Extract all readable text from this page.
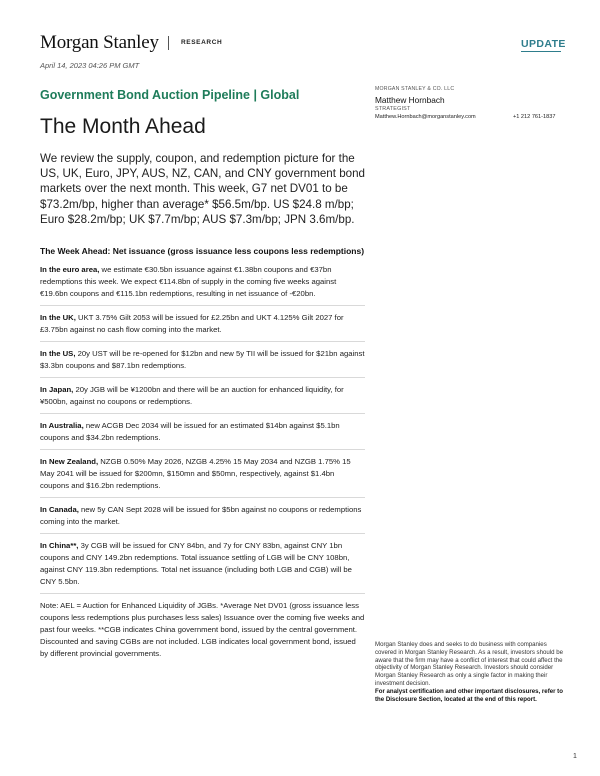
Morgan Stanley	RESEARCH	UPDATE
April 14, 2023 04:26 PM GMT
Government Bond Auction Pipeline | Global
The Month Ahead
We review the supply, coupon, and redemption picture for the US, UK, Euro, JPY, AUS, NZ, CAN, and CNY government bond markets over the next month. This week, G7 net DV01 to be $73.2m/bp, higher than average* $56.5m/bp. US $24.8 m/bp; Euro $28.2m/bp; UK $7.7m/bp; AUS $7.3m/bp; JPN 3.6m/bp.
The Week Ahead: Net issuance (gross issuance less coupons less redemptions)

In the euro area, we estimate €30.5bn issuance against €1.38bn coupons and €37bn redemptions this week. We expect €114.8bn of supply in the coming five weeks against €19.6bn coupons and €115.1bn redemptions, resulting in net issuance of -€20bn.

In the UK, UKT 3.75% Gilt 2053 will be issued for £2.25bn and UKT 4.125% Gilt 2027 for £3.75bn against no cash flow coming into the market.

In the US, 20y UST will be re-opened for $12bn and new 5y TII will be issued for $21bn against $3.3bn coupons and $87.1bn redemptions.

In Japan, 20y JGB will be ¥1200bn and there will be an auction for enhanced liquidity, for ¥500bn, against no coupons or redemptions.

In Australia, new ACGB Dec 2034 will be issued for an estimated $14bn against $5.1bn coupons and $34.2bn redemptions.

In New Zealand, NZGB 0.50% May 2026, NZGB 4.25% 15 May 2034 and NZGB 1.75% 15 May 2041 will be issued for $200mn, $150mn and $50mn, respectively, against $1.4bn coupons and $16.2bn redemptions.

In Canada, new 5y CAN Sept 2028 will be issued for $5bn against no coupons or redemptions coming into the market.

In China**, 3y CGB will be issued for CNY 84bn, and 7y for CNY 83bn, against CNY 1bn coupons and CNY 149.2bn redemptions. Total issuance settling of LGB will be CNY 108bn, against CNY 119.3bn redemptions. Total net issuance (including both LGB and CGB) will be CNY 5.5bn.

Note: AEL = Auction for Enhanced Liquidity of JGBs. *Average Net DV01 (gross issuance less coupons less redemptions plus purchases less sales) Issuance over the coming five weeks and past four weeks. **CGB indicates China government bond, issued by the central government. Discounted and saving CGBs are not included. LGB indicates local government bond, issued by different provincial governments.

MORGAN STANLEY & CO. LLC
Matthew Hornbach
STRATEGIST
Matthew.Hornbach@morganstanley.com	+1 212 761-1837
Morgan Stanley does and seeks to do business with companies covered in Morgan Stanley Research. As a result, investors should be aware that the firm may have a conflict of interest that could affect the objectivity of Morgan Stanley Research. Investors should consider Morgan Stanley Research as only a single factor in making their investment decision.
For analyst certification and other important disclosures, refer to the Disclosure Section, located at the end of this report.
1
